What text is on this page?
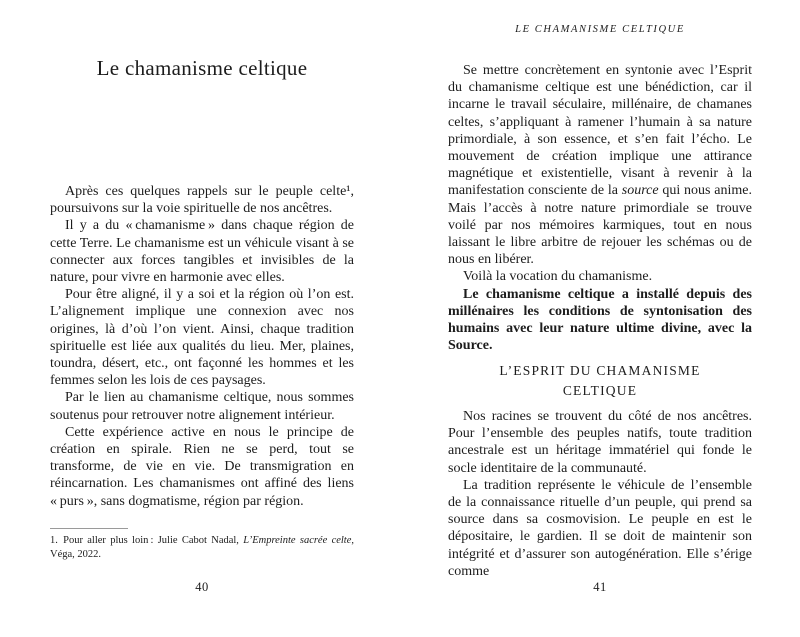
Le chamanisme celtique

Après ces quelques rappels sur le peuple celte¹, poursuivons sur la voie spirituelle de nos ancêtres.

Il y a du « chamanisme » dans chaque région de cette Terre. Le chamanisme est un véhicule visant à se connecter aux forces tangibles et invisibles de la nature, pour vivre en harmonie avec elles.

Pour être aligné, il y a soi et la région où l’on est. L’alignement implique une connexion avec nos origines, là d’où l’on vient. Ainsi, chaque tradition spirituelle est liée aux qualités du lieu. Mer, plaines, toundra, désert, etc., ont façonné les hommes et les femmes selon les lois de ces paysages.

Par le lien au chamanisme celtique, nous sommes soutenus pour retrouver notre alignement intérieur.

Cette expérience active en nous le principe de création en spirale. Rien ne se perd, tout se transforme, de vie en vie. De transmigration en réincarnation. Les chamanismes ont affiné des liens « purs », sans dogmatisme, région par région.

1. Pour aller plus loin : Julie Cabot Nadal, L’Empreinte sacrée celte, Véga, 2022.
40
LE CHAMANISME CELTIQUE

Se mettre concrètement en syntonie avec l’Esprit du chamanisme celtique est une bénédiction, car il incarne le travail séculaire, millénaire, de chamanes celtes, s’appliquant à ramener l’humain à sa nature primordiale, à son essence, et s’en fait l’écho. Le mouvement de création implique une attirance magnétique et existentielle, visant à revenir à la manifestation consciente de la source qui nous anime. Mais l’accès à notre nature primordiale se trouve voilé par nos mémoires karmiques, tout en nous laissant le libre arbitre de rejouer les schémas ou de nous en libérer.

Voilà la vocation du chamanisme.

Le chamanisme celtique a installé depuis des millénaires les conditions de syntonisation des humains avec leur nature ultime divine, avec la Source.

L’ESPRIT DU CHAMANISME CELTIQUE

Nos racines se trouvent du côté de nos ancêtres. Pour l’ensemble des peuples natifs, toute tradition ancestrale est un héritage immatériel qui fonde le socle identitaire de la communauté.

La tradition représente le véhicule de l’ensemble de la connaissance rituelle d’un peuple, qui prend sa source dans sa cosmovision. Le peuple en est le dépositaire, le gardien. Il se doit de maintenir son intégrité et d’assurer son autogénération. Elle s’érige comme

41
